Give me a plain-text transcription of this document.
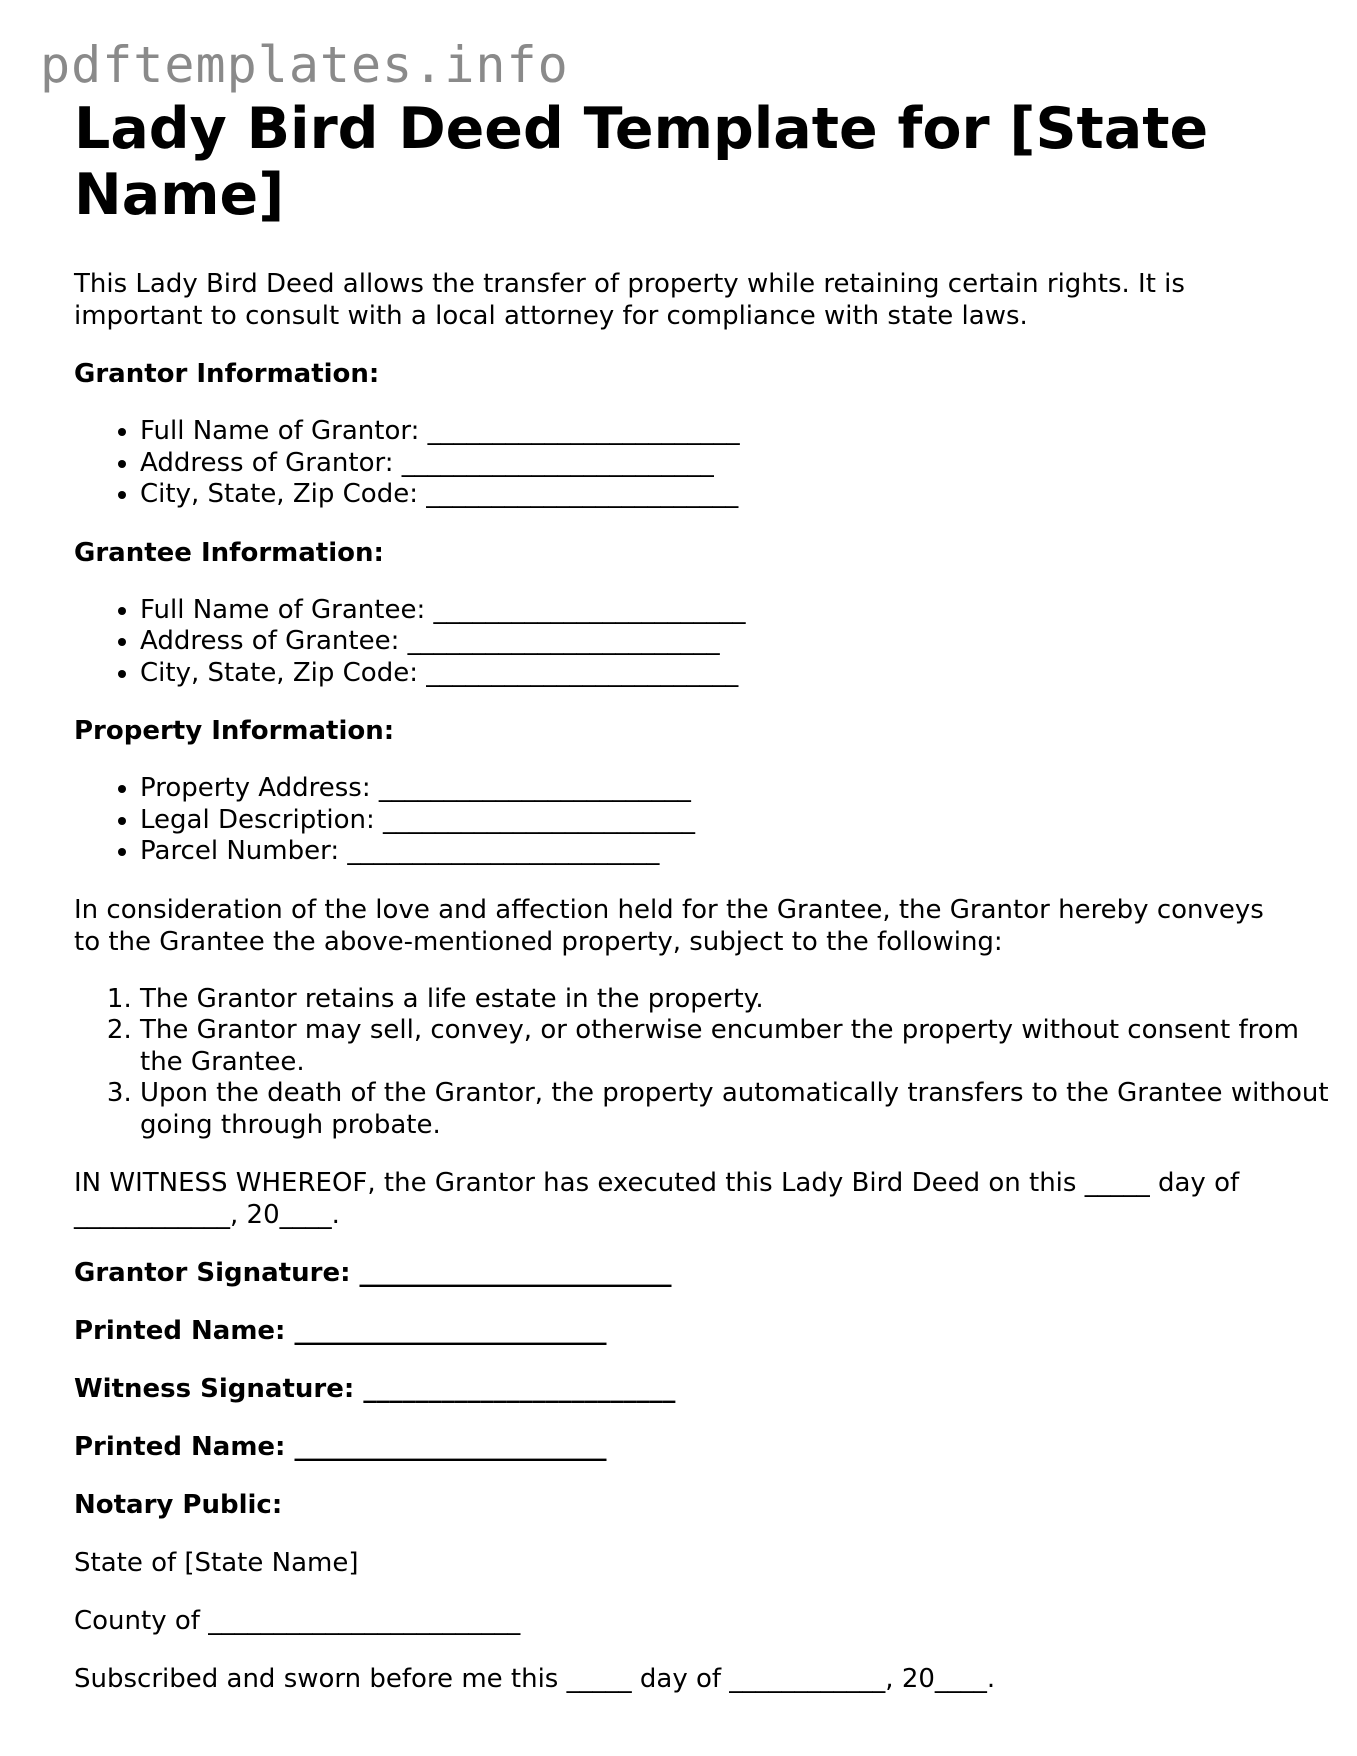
pdftemplates.info
Lady Bird Deed Template for [State Name]

This Lady Bird Deed allows the transfer of property while retaining certain rights. It is important to consult with a local attorney for compliance with state laws.

Grantor Information:

• Full Name of Grantor: ________________________
• Address of Grantor: ________________________
• City, State, Zip Code: ________________________

Grantee Information:

• Full Name of Grantee: ________________________
• Address of Grantee: ________________________
• City, State, Zip Code: ________________________

Property Information:

• Property Address: ________________________
• Legal Description: ________________________
• Parcel Number: ________________________

In consideration of the love and affection held for the Grantee, the Grantor hereby conveys to the Grantee the above-mentioned property, subject to the following:

1. The Grantor retains a life estate in the property.
2. The Grantor may sell, convey, or otherwise encumber the property without consent from the Grantee.
3. Upon the death of the Grantor, the property automatically transfers to the Grantee without going through probate.

IN WITNESS WHEREOF, the Grantor has executed this Lady Bird Deed on this _____ day of ____________, 20____.

Grantor Signature: ________________________

Printed Name: ________________________

Witness Signature: ________________________

Printed Name: ________________________

Notary Public:

State of [State Name]

County of ________________________

Subscribed and sworn before me this _____ day of ____________, 20____.
